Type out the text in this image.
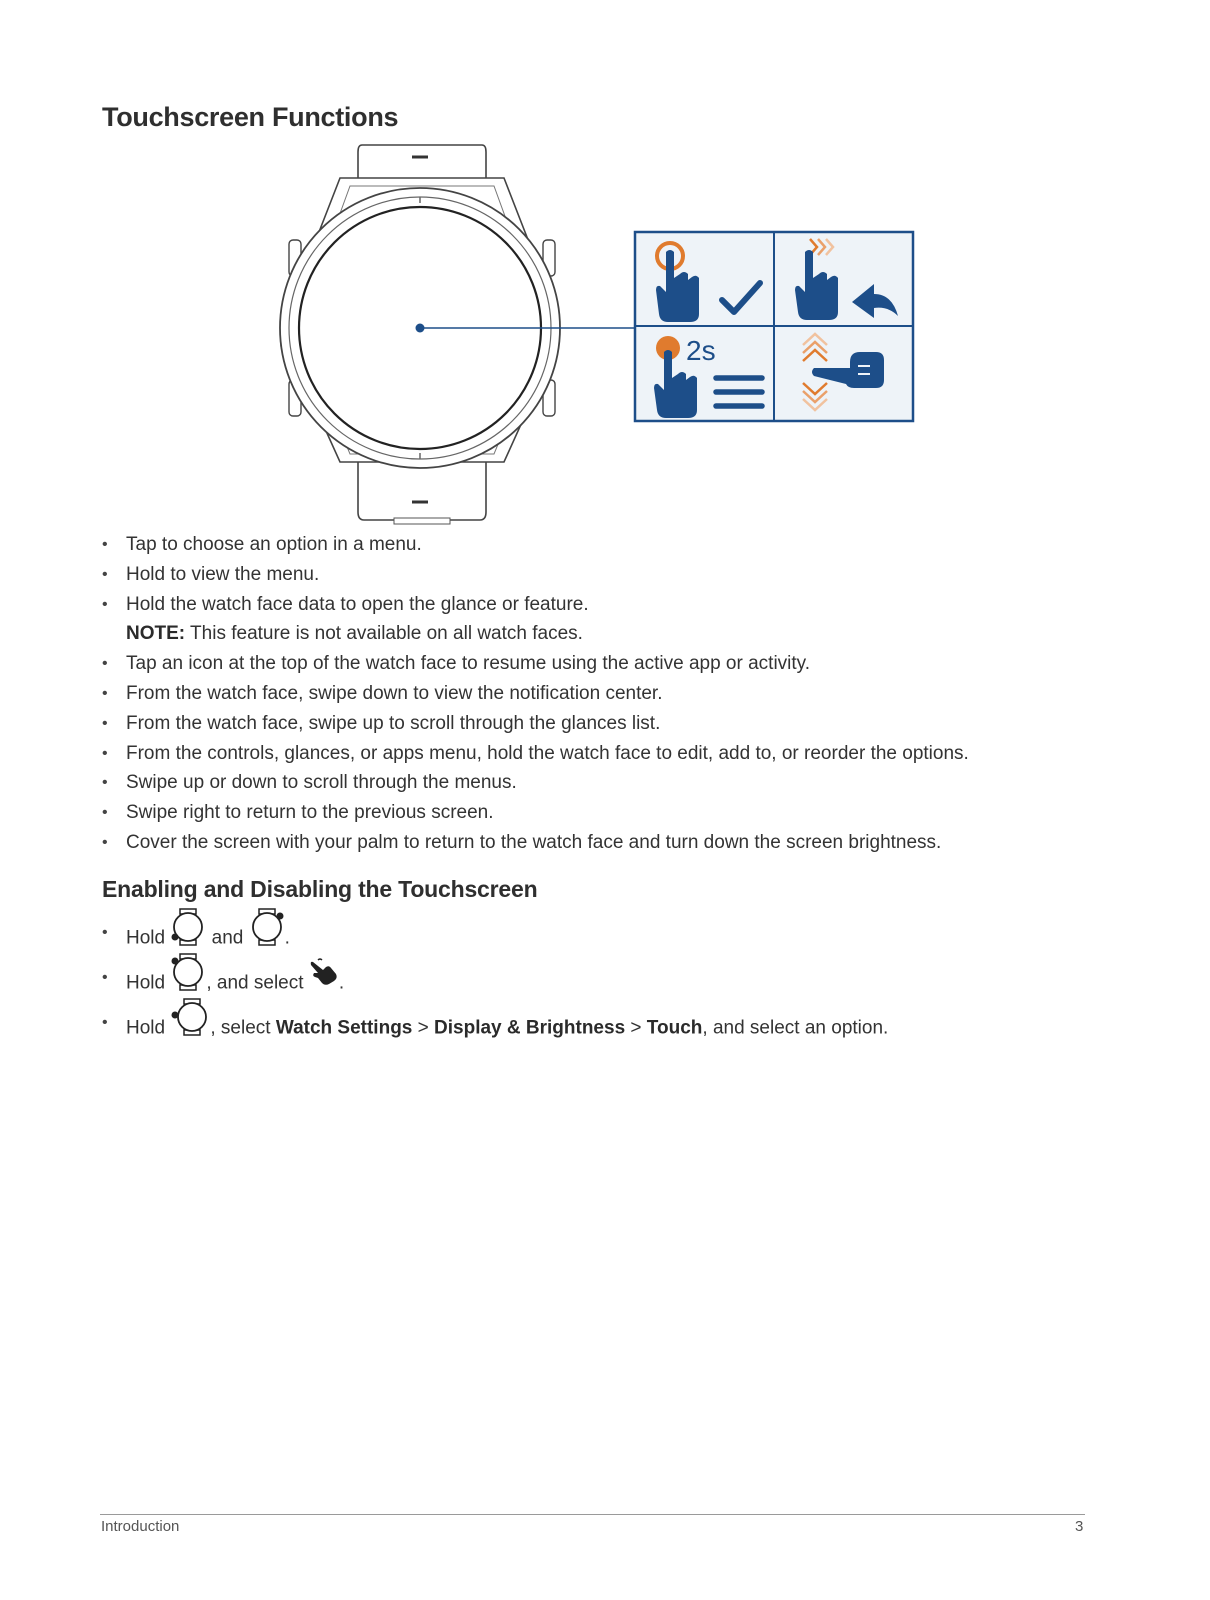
Touchscreen Functions
2s
• Tap to choose an option in a menu.
• Hold to view the menu.
• Hold the watch face data to open the glance or feature.
NOTE: This feature is not available on all watch faces.
• Tap an icon at the top of the watch face to resume using the active app or activity.
• From the watch face, swipe down to view the notification center.
• From the watch face, swipe up to scroll through the glances list.
• From the controls, glances, or apps menu, hold the watch face to edit, add to, or reorder the options.
• Swipe up or down to scroll through the menus.
• Swipe right to return to the previous screen.
• Cover the screen with your palm to return to the watch face and turn down the screen brightness.
Enabling and Disabling the Touchscreen
• Hold and .
• Hold , and select .
• Hold , select Watch Settings > Display & Brightness > Touch, and select an option.
Introduction	3
